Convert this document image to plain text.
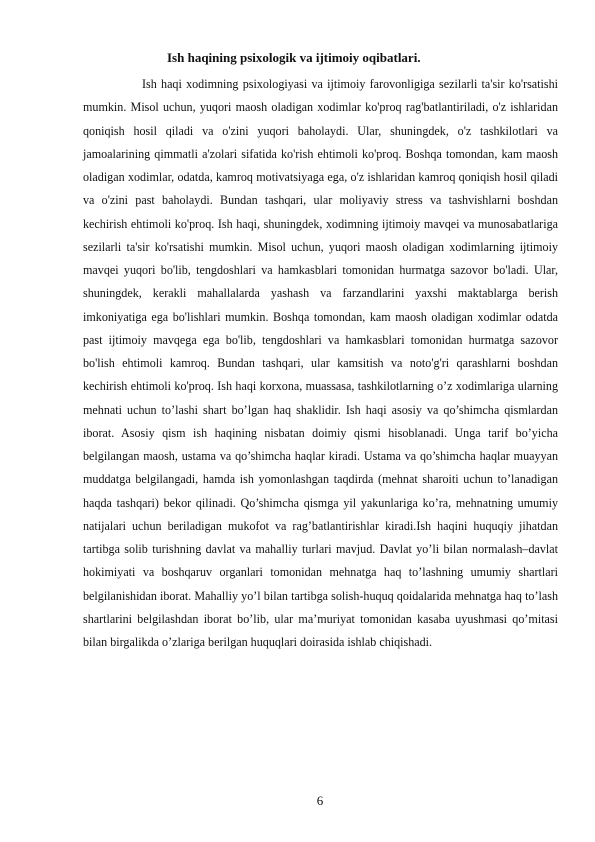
Ish haqining psixologik va ijtimoiy oqibatlari.

Ish haqi xodimning psixologiyasi va ijtimoiy farovonligiga sezilarli ta'sir ko'rsatishi mumkin. Misol uchun, yuqori maosh oladigan xodimlar ko'proq rag'batlantiriladi, o'z ishlaridan qoniqish hosil qiladi va o'zini yuqori baholaydi. Ular, shuningdek, o'z tashkilotlari va jamoalarining qimmatli a'zolari sifatida ko'rish ehtimoli ko'proq. Boshqa tomondan, kam maosh oladigan xodimlar, odatda, kamroq motivatsiyaga ega, o'z ishlaridan kamroq qoniqish hosil qiladi va o'zini past baholaydi. Bundan tashqari, ular moliyaviy stress va tashvishlarni boshdan kechirish ehtimoli ko'proq. Ish haqi, shuningdek, xodimning ijtimoiy mavqei va munosabatlariga sezilarli ta'sir ko'rsatishi mumkin. Misol uchun, yuqori maosh oladigan xodimlarning ijtimoiy mavqei yuqori bo'lib, tengdoshlari va hamkasblari tomonidan hurmatga sazovor bo'ladi. Ular, shuningdek, kerakli mahallalarda yashash va farzandlarini yaxshi maktablarga berish imkoniyatiga ega bo'lishlari mumkin. Boshqa tomondan, kam maosh oladigan xodimlar odatda past ijtimoiy mavqega ega bo'lib, tengdoshlari va hamkasblari tomonidan hurmatga sazovor bo'lish ehtimoli kamroq. Bundan tashqari, ular kamsitish va noto'g'ri qarashlarni boshdan kechirish ehtimoli ko'proq. Ish haqi korxona, muassasa, tashkilotlarning o’z xodimlariga ularning mehnati uchun to’lashi shart bo’lgan haq shaklidir. Ish haqi asosiy va qo’shimcha qismlardan iborat. Asosiy qism ish haqining nisbatan doimiy qismi hisoblanadi. Unga tarif bo’yicha belgilangan maosh, ustama va qo’shimcha haqlar kiradi. Ustama va qo’shimcha haqlar muayyan muddatga belgilangadi, hamda ish yomonlashgan taqdirda (mehnat sharoiti uchun to’lanadigan haqda tashqari) bekor qilinadi. Qo’shimcha qismga yil yakunlariga ko’ra, mehnatning umumiy natijalari uchun beriladigan mukofot va rag’batlantirishlar kiradi.Ish haqini huquqiy jihatdan tartibga solib turishning davlat va mahalliy turlari mavjud. Davlat yo’li bilan normalash–davlat hokimiyati va boshqaruv organlari tomonidan mehnatga haq to’lashning umumiy shartlari belgilanishidan iborat. Mahalliy yo’l bilan tartibga solish-huquq qoidalarida mehnatga haq to’lash shartlarini belgilashdan iborat bo’lib, ular ma’muriyat tomonidan kasaba uyushmasi qo’mitasi bilan birgalikda o’zlariga berilgan huquqlari doirasida ishlab chiqishadi.

6
